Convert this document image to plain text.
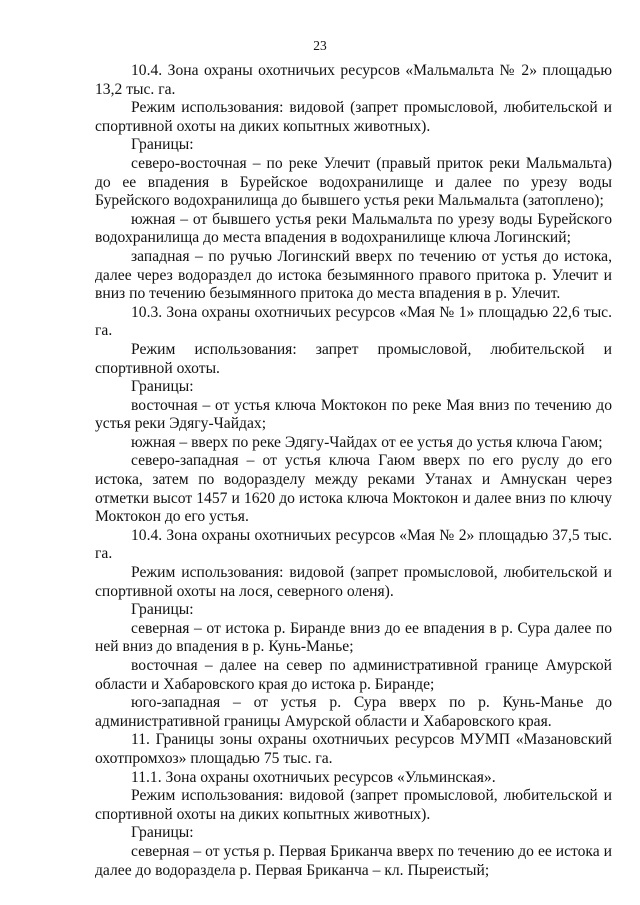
23

10.4. Зона охраны охотничьих ресурсов «Мальмальта № 2» площадью 13,2 тыс. га.

Режим использования: видовой (запрет промысловой, любительской и спортивной охоты на диких копытных животных).

Границы:

северо-восточная – по реке Улечит (правый приток реки Мальмальта) до ее впадения в Бурейское водохранилище и далее по урезу воды Бурейского водохранилища до бывшего устья реки Мальмальта (затоплено);

южная – от бывшего устья реки Мальмальта по урезу воды Бурейского водохранилища до места впадения в водохранилище ключа Логинский;

западная – по ручью Логинский вверх по течению от устья до истока, далее через водораздел до истока безымянного правого притока р. Улечит и вниз по течению безымянного притока до места впадения в р. Улечит.

10.3. Зона охраны охотничьих ресурсов «Мая № 1» площадью 22,6 тыс. га.

Режим использования: запрет промысловой, любительской и спортивной охоты.

Границы:

восточная – от устья ключа Моктокон по реке Мая вниз по течению до устья реки Эдягу-Чайдах;

южная – вверх по реке Эдягу-Чайдах от ее устья до устья ключа Гаюм;

северо-западная – от устья ключа Гаюм вверх по его руслу до его истока, затем по водоразделу между реками Утанах и Амнускан через отметки высот 1457 и 1620 до истока ключа Моктокон и далее вниз по ключу Моктокон до его устья.

10.4. Зона охраны охотничьих ресурсов «Мая № 2» площадью 37,5 тыс. га.

Режим использования: видовой (запрет промысловой, любительской и спортивной охоты на лося, северного оленя).

Границы:

северная – от истока р. Биранде вниз до ее впадения в р. Сура далее по ней вниз до впадения в р. Кунь-Манье;

восточная – далее на север по административной границе Амурской области и Хабаровского края до истока р. Биранде;

юго-западная – от устья р. Сура вверх по р. Кунь-Манье до административной границы Амурской области и Хабаровского края.

11. Границы зоны охраны охотничьих ресурсов МУМП «Мазановский охотпромхоз» площадью 75 тыс. га.

11.1. Зона охраны охотничьих ресурсов «Ульминская».

Режим использования: видовой (запрет промысловой, любительской и спортивной охоты на диких копытных животных).

Границы:

северная – от устья р. Первая Бриканча вверх по течению до ее истока и далее до водораздела р. Первая Бриканча – кл. Пыреистый;
